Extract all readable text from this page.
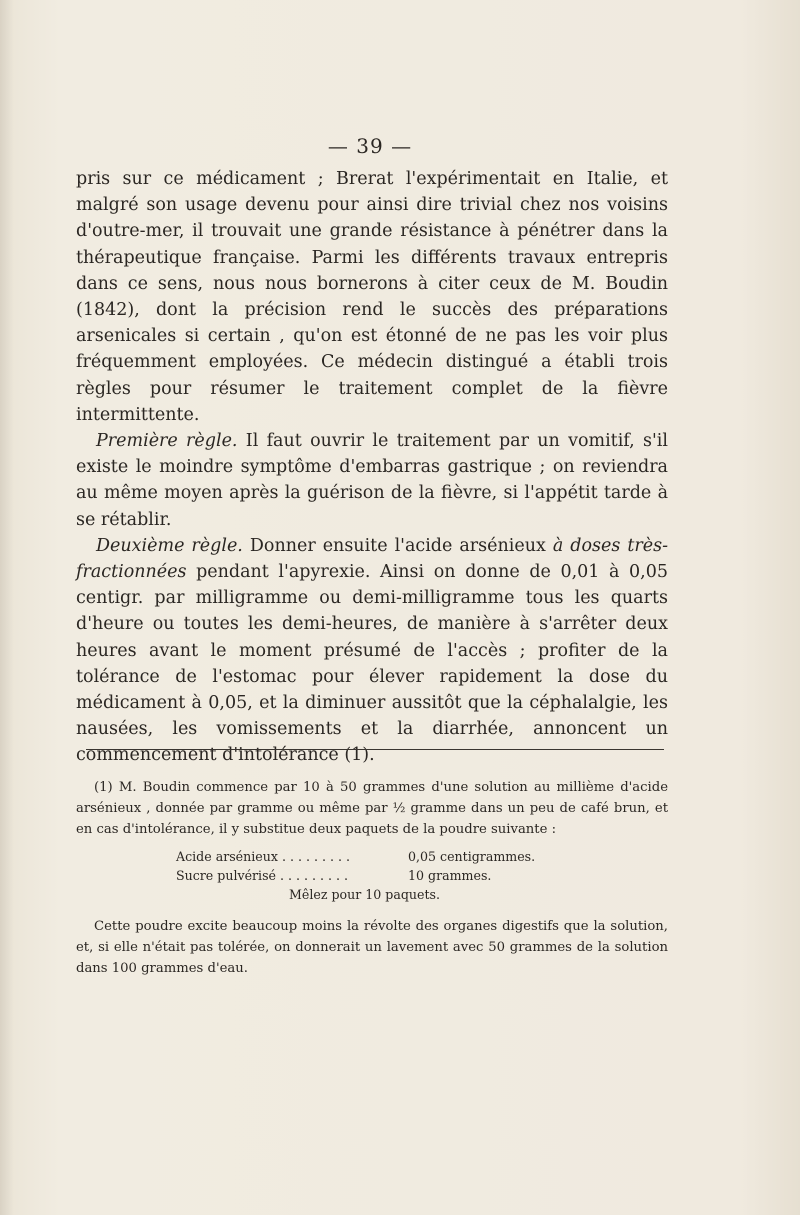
— 39 —

pris sur ce médicament ; Brerat l'expérimentait en Italie, et malgré son usage devenu pour ainsi dire trivial chez nos voisins d'outre-mer, il trouvait une grande résistance à pénétrer dans la thérapeutique française. Parmi les différents travaux entrepris dans ce sens, nous nous bornerons à citer ceux de M. Boudin (1842), dont la précision rend le succès des préparations arsenicales si certain , qu'on est étonné de ne pas les voir plus fréquemment employées. Ce médecin distingué a établi trois règles pour résumer le traitement complet de la fièvre intermittente.

Première règle. Il faut ouvrir le traitement par un vomitif, s'il existe le moindre symptôme d'embarras gastrique ; on reviendra au même moyen après la guérison de la fièvre, si l'appétit tarde à se rétablir.

Deuxième règle. Donner ensuite l'acide arsénieux à doses très-fractionnées pendant l'apyrexie. Ainsi on donne de 0,01 à 0,05 centigr. par milligramme ou demi-milligramme tous les quarts d'heure ou toutes les demi-heures, de manière à s'arrêter deux heures avant le moment présumé de l'accès ; profiter de la tolérance de l'estomac pour élever rapidement la dose du médicament à 0,05, et la diminuer aussitôt que la céphalalgie, les nausées, les vomissements et la diarrhée, annoncent un commencement d'intolérance (1).

(1) M. Boudin commence par 10 à 50 grammes d'une solution au millième d'acide arsénieux , donnée par gramme ou même par ½ gramme dans un peu de café brun, et en cas d'intolérance, il y substitue deux paquets de la poudre suivante :

Acide arsénieux . . . . . . . . .	0,05 centigrammes.
Sucre pulvérisé . . . . . . . . .	10 grammes.
Mêlez pour 10 paquets.

Cette poudre excite beaucoup moins la révolte des organes digestifs que la solution, et, si elle n'était pas tolérée, on donnerait un lavement avec 50 grammes de la solution dans 100 grammes d'eau.
